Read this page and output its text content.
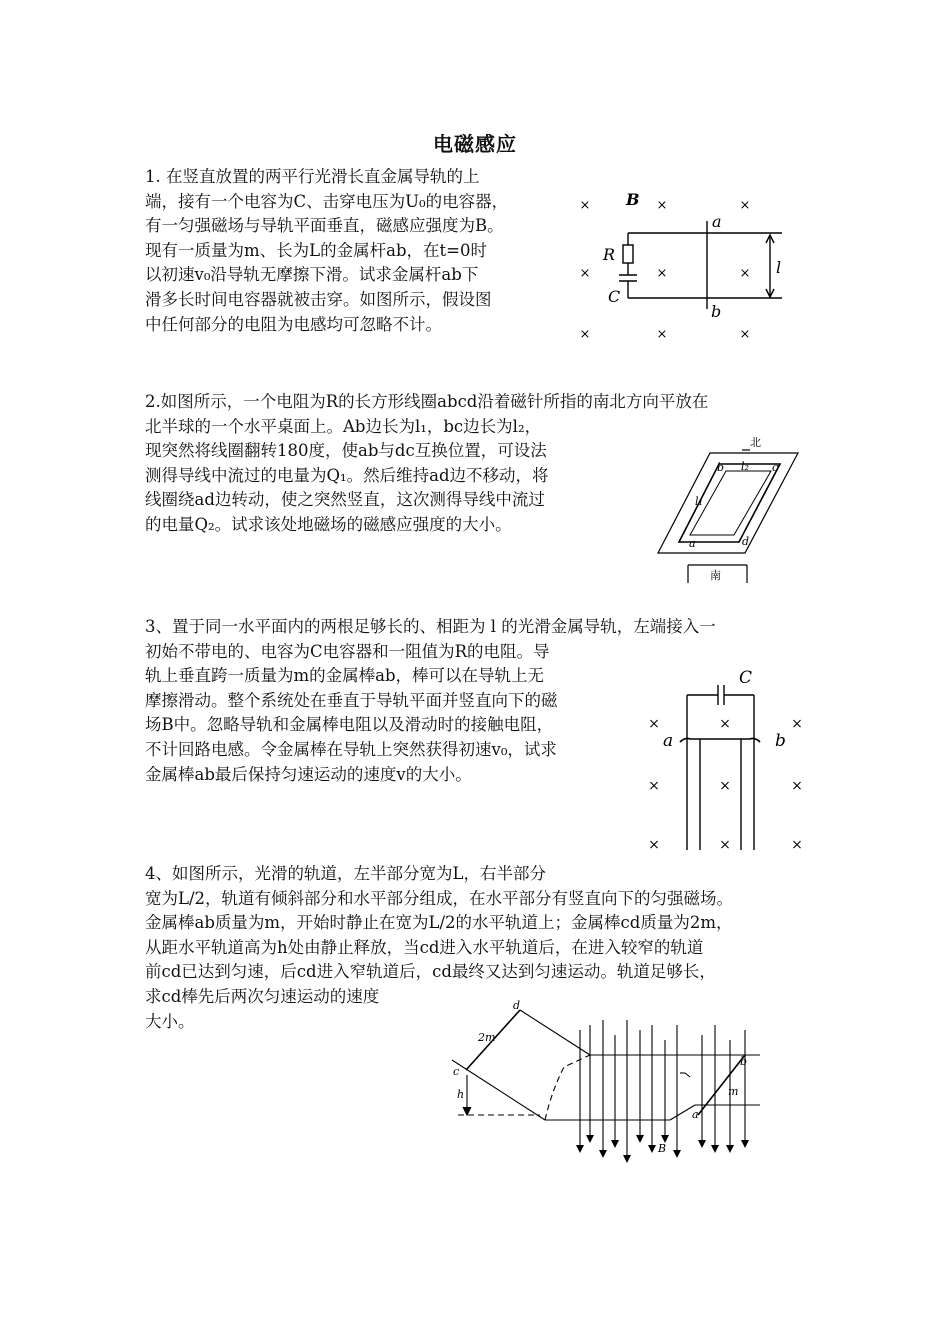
电磁感应
1. 在竖直放置的两平行光滑长直金属导轨的上
端，接有一个电容为C、击穿电压为U₀的电容器，
有一匀强磁场与导轨平面垂直，磁感应强度为B。
现有一质量为m、长为L的金属杆ab，在t=0时
以初速v₀沿导轨无摩擦下滑。试求金属杆ab下
滑多长时间电容器就被击穿。如图所示，假设图
中任何部分的电阻为电感均可忽略不计。
×	×	×
×	×	×
×	×	×
B
a
b
R
C
l
2.如图所示，一个电阻为R的长方形线圈abcd沿着磁针所指的南北方向平放在
北半球的一个水平桌面上。Ab边长为l₁，bc边长为l₂，
现突然将线圈翻转180度，使ab与dc互换位置，可设法
测得导线中流过的电量为Q₁。然后维持ad边不移动，将
线圈绕ad边转动，使之突然竖直，这次测得导线中流过
的电量Q₂。试求该处地磁场的磁感应强度的大小。
北
南
b	c
a	d
l₂
l₁
3、置于同一水平面内的两根足够长的、相距为 l 的光滑金属导轨，左端接入一
初始不带电的、电容为C电容器和一阻值为R的电阻。导
轨上垂直跨一质量为m的金属棒ab，棒可以在导轨上无
摩擦滑动。整个系统处在垂直于导轨平面并竖直向下的磁
场B中。忽略导轨和金属棒电阻以及滑动时的接触电阻，
不计回路电感。令金属棒在导轨上突然获得初速v₀，试求
金属棒ab最后保持匀速运动的速度v的大小。
×	×	×
×	×	×
×	×	×
C
a	b
4、如图所示，光滑的轨道，左半部分宽为L，右半部分
宽为L/2，轨道有倾斜部分和水平部分组成，在水平部分有竖直向下的匀强磁场。
金属棒ab质量为m，开始时静止在宽为L/2的水平轨道上；金属棒cd质量为2m，
从距水平轨道高为h处由静止释放，当cd进入水平轨道后，在进入较窄的轨道
前cd已达到匀速，后cd进入窄轨道后，cd最终又达到匀速运动。轨道足够长，
求cd棒先后两次匀速运动的速度
大小。
c
d
2m
h
a
b
m
B
